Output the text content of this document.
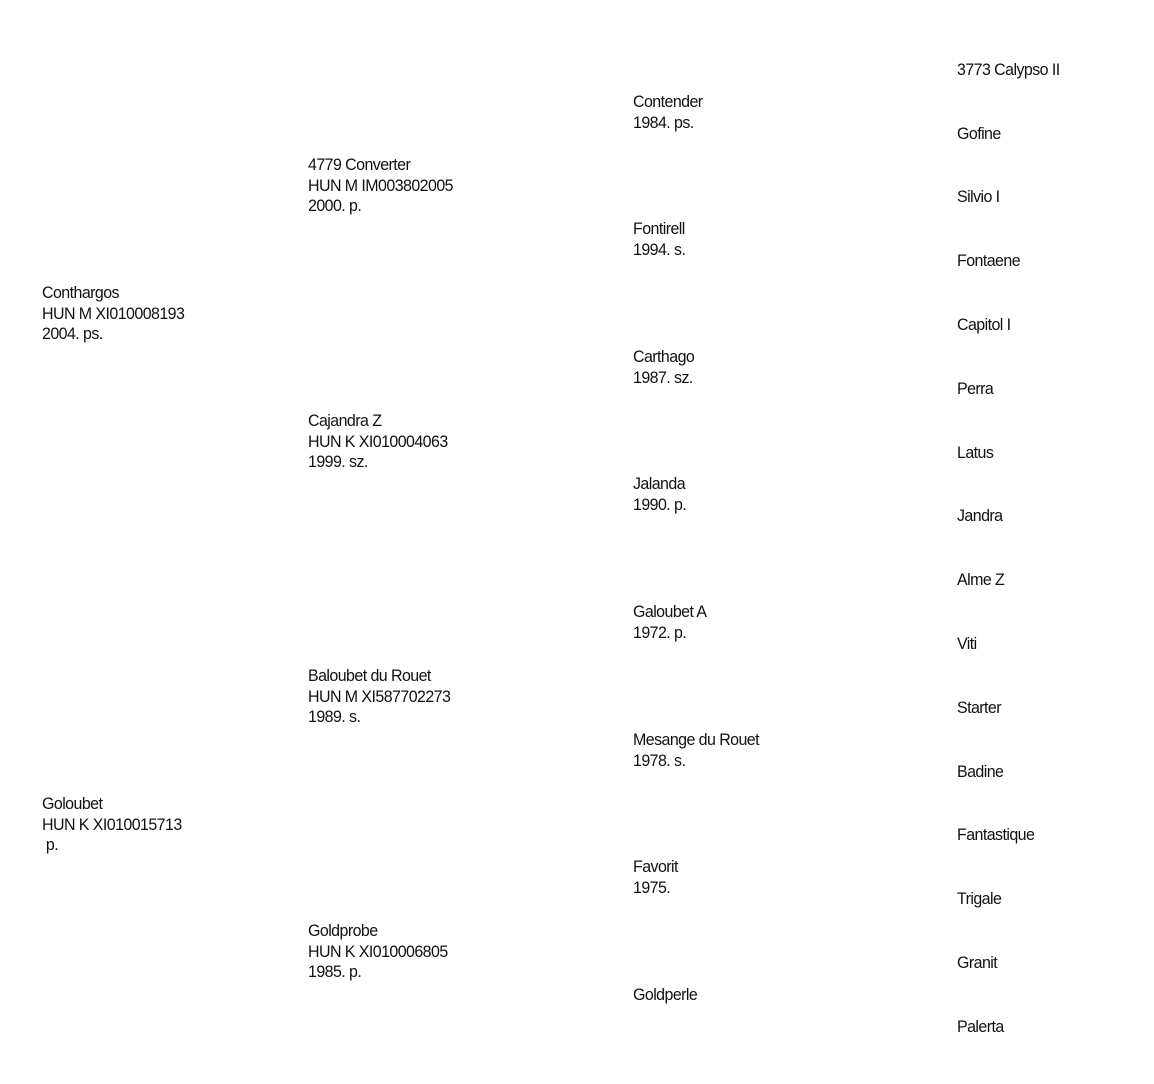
Conthargos
HUN M XI010008193
2004. ps.
Goloubet
HUN K XI010015713
p.
4779 Converter
HUN M IM003802005
2000. p.
Cajandra Z
HUN K XI010004063
1999. sz.
Baloubet du Rouet
HUN M XI587702273
1989. s.
Goldprobe
HUN K XI010006805
1985. p.
Contender
1984. ps.
Fontirell
1994. s.
Carthago
1987. sz.
Jalanda
1990. p.
Galoubet A
1972. p.
Mesange du Rouet
1978. s.
Favorit
1975.
Goldperle
3773 Calypso II
Gofine
Silvio I
Fontaene
Capitol I
Perra
Latus
Jandra
Alme Z
Viti
Starter
Badine
Fantastique
Trigale
Granit
Palerta
